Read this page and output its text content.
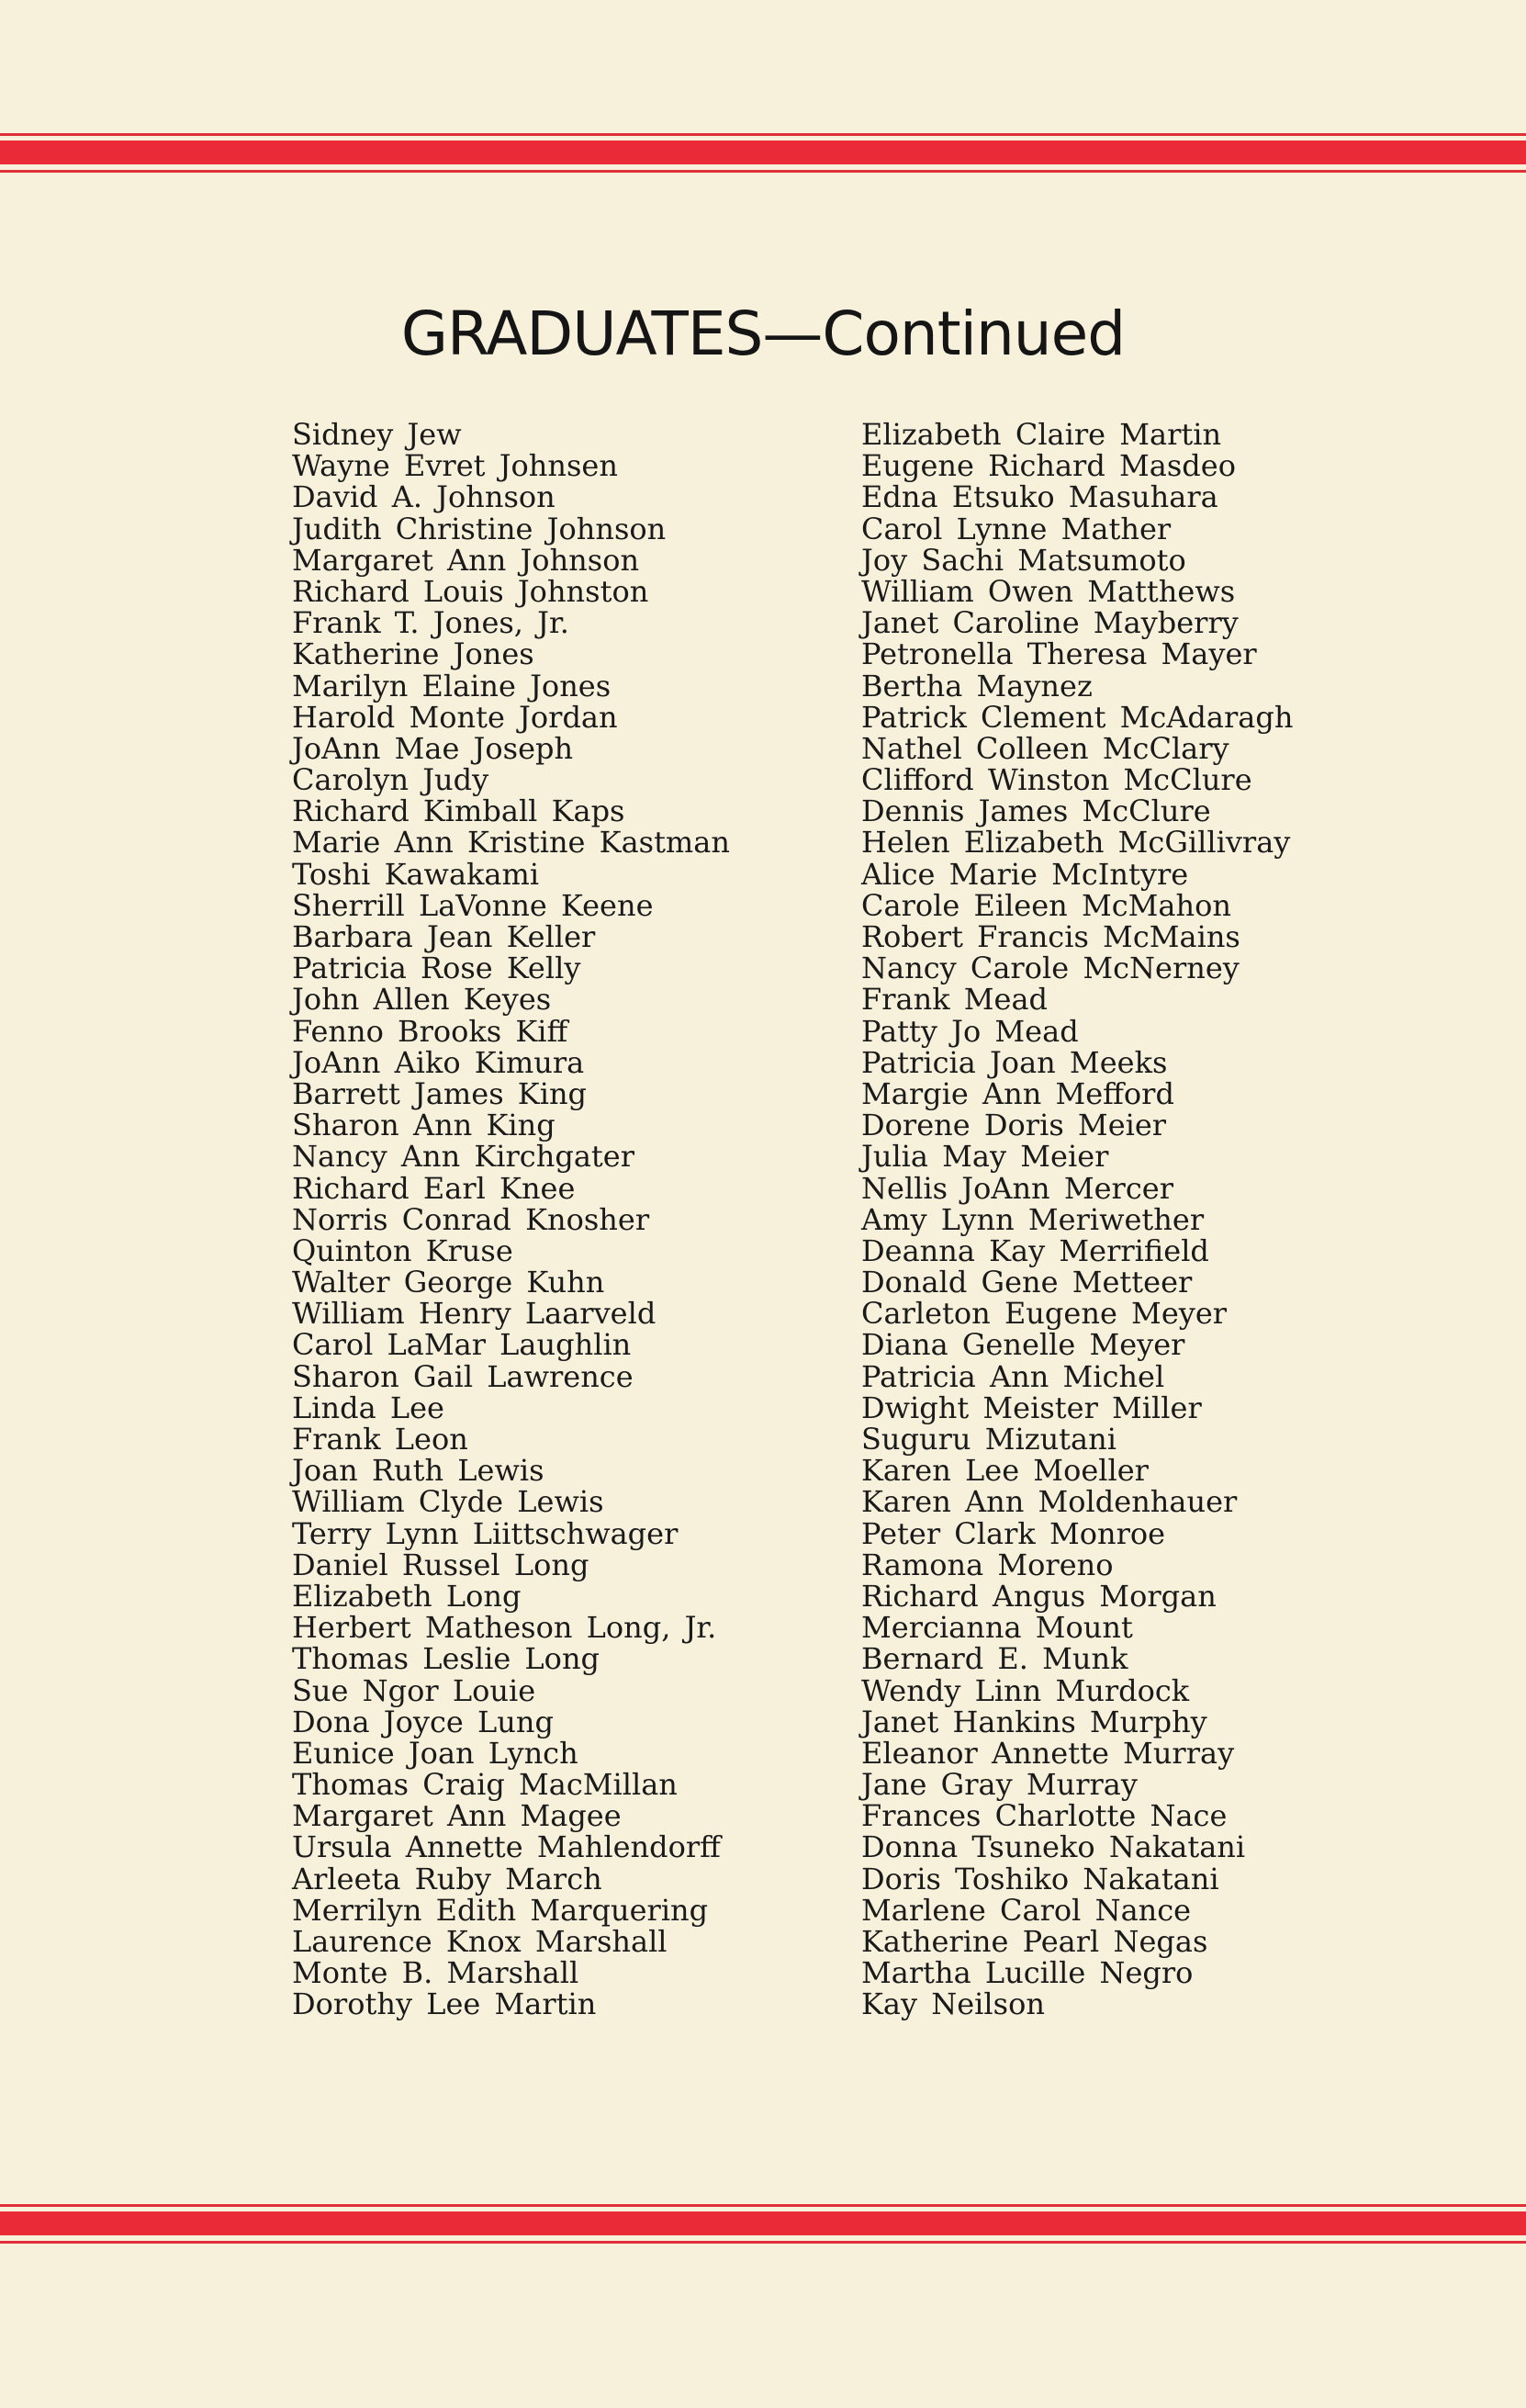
GRADUATES—Continued
Sidney Jew
Wayne Evret Johnsen
David A. Johnson
Judith Christine Johnson
Margaret Ann Johnson
Richard Louis Johnston
Frank T. Jones, Jr.
Katherine Jones
Marilyn Elaine Jones
Harold Monte Jordan
JoAnn Mae Joseph
Carolyn Judy
Richard Kimball Kaps
Marie Ann Kristine Kastman
Toshi Kawakami
Sherrill LaVonne Keene
Barbara Jean Keller
Patricia Rose Kelly
John Allen Keyes
Fenno Brooks Kiff
JoAnn Aiko Kimura
Barrett James King
Sharon Ann King
Nancy Ann Kirchgater
Richard Earl Knee
Norris Conrad Knosher
Quinton Kruse
Walter George Kuhn
William Henry Laarveld
Carol LaMar Laughlin
Sharon Gail Lawrence
Linda Lee
Frank Leon
Joan Ruth Lewis
William Clyde Lewis
Terry Lynn Liittschwager
Daniel Russel Long
Elizabeth Long
Herbert Matheson Long, Jr.
Thomas Leslie Long
Sue Ngor Louie
Dona Joyce Lung
Eunice Joan Lynch
Thomas Craig MacMillan
Margaret Ann Magee
Ursula Annette Mahlendorff
Arleeta Ruby March
Merrilyn Edith Marquering
Laurence Knox Marshall
Monte B. Marshall
Dorothy Lee Martin
Elizabeth Claire Martin
Eugene Richard Masdeo
Edna Etsuko Masuhara
Carol Lynne Mather
Joy Sachi Matsumoto
William Owen Matthews
Janet Caroline Mayberry
Petronella Theresa Mayer
Bertha Maynez
Patrick Clement McAdaragh
Nathel Colleen McClary
Clifford Winston McClure
Dennis James McClure
Helen Elizabeth McGillivray
Alice Marie McIntyre
Carole Eileen McMahon
Robert Francis McMains
Nancy Carole McNerney
Frank Mead
Patty Jo Mead
Patricia Joan Meeks
Margie Ann Mefford
Dorene Doris Meier
Julia May Meier
Nellis JoAnn Mercer
Amy Lynn Meriwether
Deanna Kay Merrifield
Donald Gene Metteer
Carleton Eugene Meyer
Diana Genelle Meyer
Patricia Ann Michel
Dwight Meister Miller
Suguru Mizutani
Karen Lee Moeller
Karen Ann Moldenhauer
Peter Clark Monroe
Ramona Moreno
Richard Angus Morgan
Mercianna Mount
Bernard E. Munk
Wendy Linn Murdock
Janet Hankins Murphy
Eleanor Annette Murray
Jane Gray Murray
Frances Charlotte Nace
Donna Tsuneko Nakatani
Doris Toshiko Nakatani
Marlene Carol Nance
Katherine Pearl Negas
Martha Lucille Negro
Kay Neilson
